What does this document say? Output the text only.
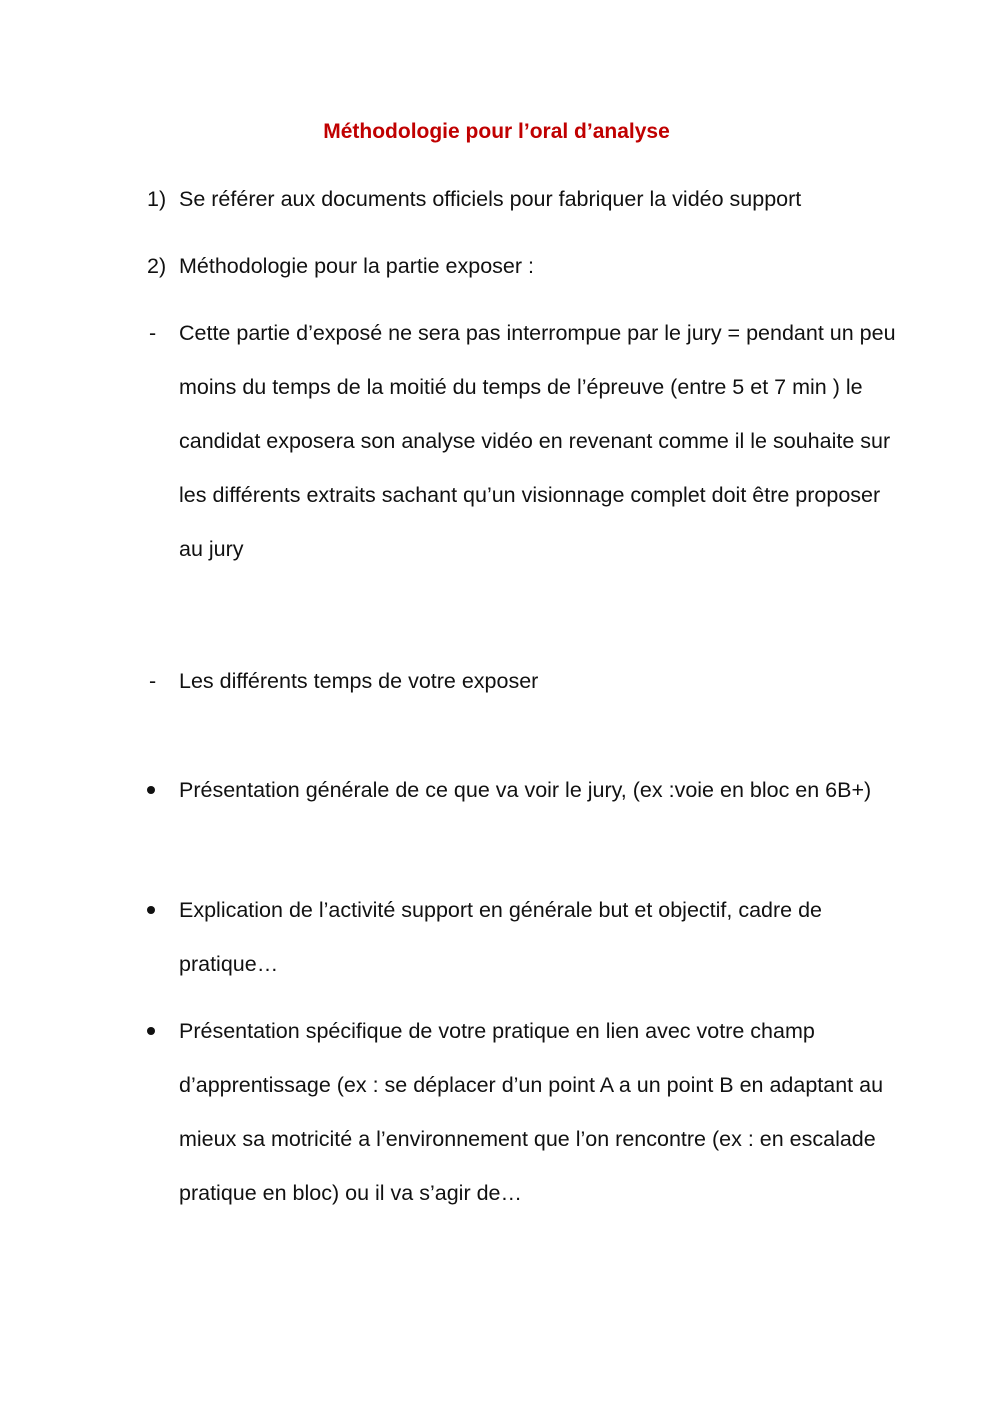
Méthodologie pour l’oral d’analyse
1) Se référer aux documents officiels pour fabriquer la vidéo support
2) Méthodologie pour la partie exposer :
- Cette partie d’exposé ne sera pas interrompue par le jury = pendant un peu moins du temps de la moitié du temps de l’épreuve (entre 5 et 7 min ) le candidat exposera son analyse vidéo en revenant comme il le souhaite sur les différents extraits sachant qu’un visionnage complet doit être proposer au jury
- Les différents temps de votre exposer
Présentation générale de ce que va voir le jury, (ex :voie en bloc en 6B+)
Explication de l’activité support en générale but et objectif, cadre de pratique…
Présentation spécifique de votre pratique en lien avec votre champ d’apprentissage (ex : se déplacer d’un point A a un point B en adaptant au mieux sa motricité a l’environnement que l’on rencontre (ex : en escalade pratique en bloc) ou il va s’agir de…
